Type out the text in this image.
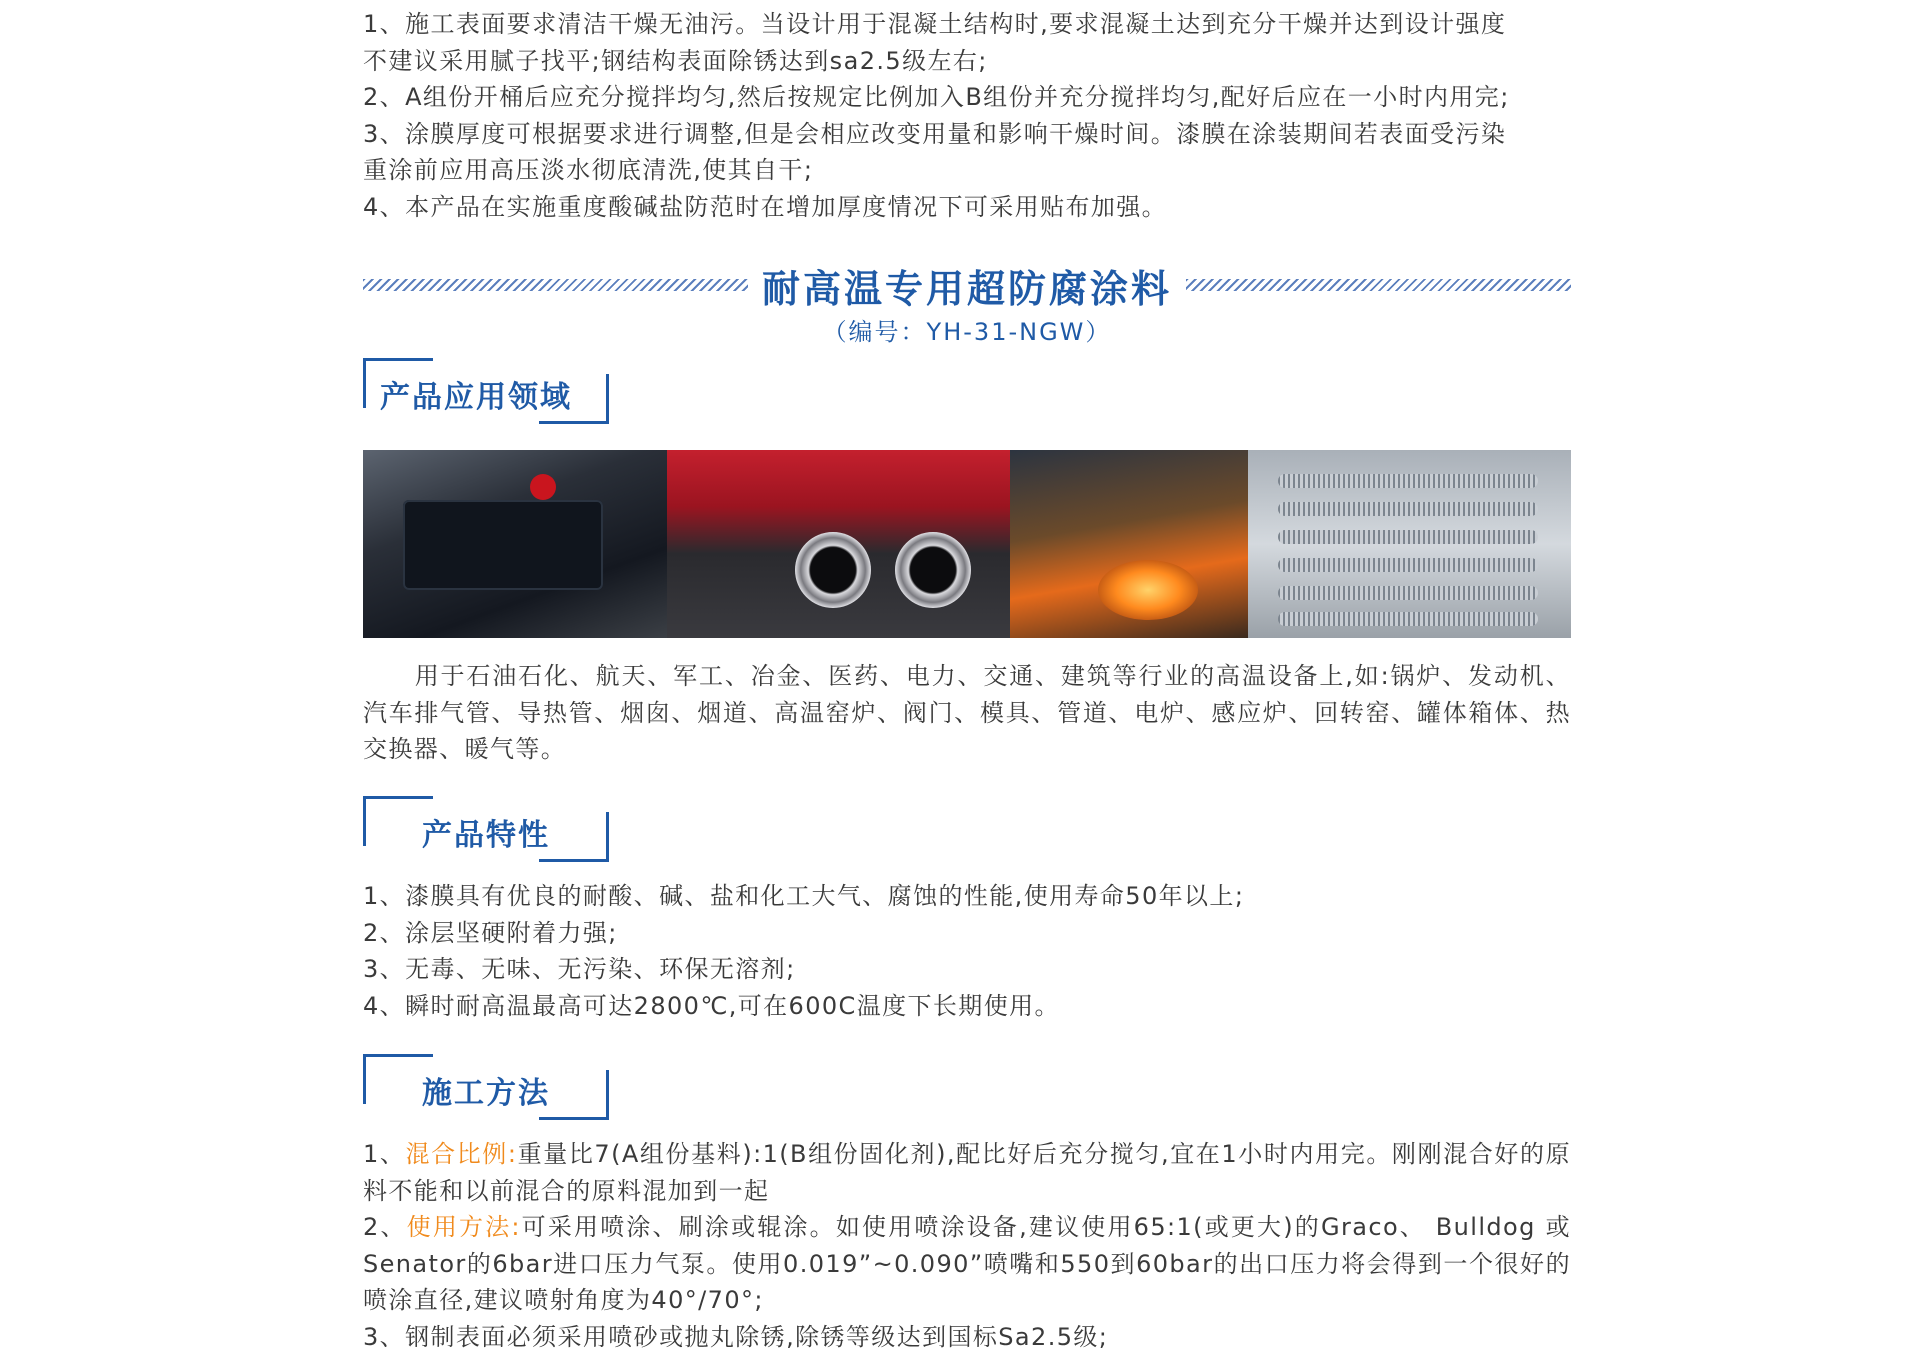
1、施工表面要求清洁干燥无油污。当设计用于混凝土结构时,要求混凝土达到充分干燥并达到设计强度
不建议采用腻子找平;钢结构表面除锈达到sa2.5级左右;
2、A组份开桶后应充分搅拌均匀,然后按规定比例加入B组份并充分搅拌均匀,配好后应在一小时内用完;
3、涂膜厚度可根据要求进行调整,但是会相应改变用量和影响干燥时间。漆膜在涂装期间若表面受污染
重涂前应用高压淡水彻底清洗,使其自干;
4、本产品在实施重度酸碱盐防范时在增加厚度情况下可采用贴布加强。
耐高温专用超防腐涂料
（编号：YH-31-NGW）
产品应用领域
　　用于石油石化、航天、军工、冶金、医药、电力、交通、建筑等行业的高温设备上,如:锅炉、发动机、汽车排气管、导热管、烟囱、烟道、高温窑炉、阀门、模具、管道、电炉、感应炉、回转窑、罐体箱体、热交换器、暖气等。
产品特性
1、漆膜具有优良的耐酸、碱、盐和化工大气、腐蚀的性能,使用寿命50年以上;
2、涂层坚硬附着力强;
3、无毒、无味、无污染、环保无溶剂;
4、瞬时耐高温最高可达2800℃,可在600C温度下长期使用。
施工方法
1、混合比例:重量比7(A组份基料):1(B组份固化剂),配比好后充分搅匀,宜在1小时内用完。刚刚混合好的原料不能和以前混合的原料混加到一起
2、使用方法:可采用喷涂、刷涂或辊涂。如使用喷涂设备,建议使用65:1(或更大)的Graco、 Bulldog 或 Senator的6bar进口压力气泵。使用0.019”~0.090”喷嘴和550到60bar的出口压力将会得到一个很好的喷涂直径,建议喷射角度为40°/70°;
3、钢制表面必须采用喷砂或抛丸除锈,除锈等级达到国标Sa2.5级;
